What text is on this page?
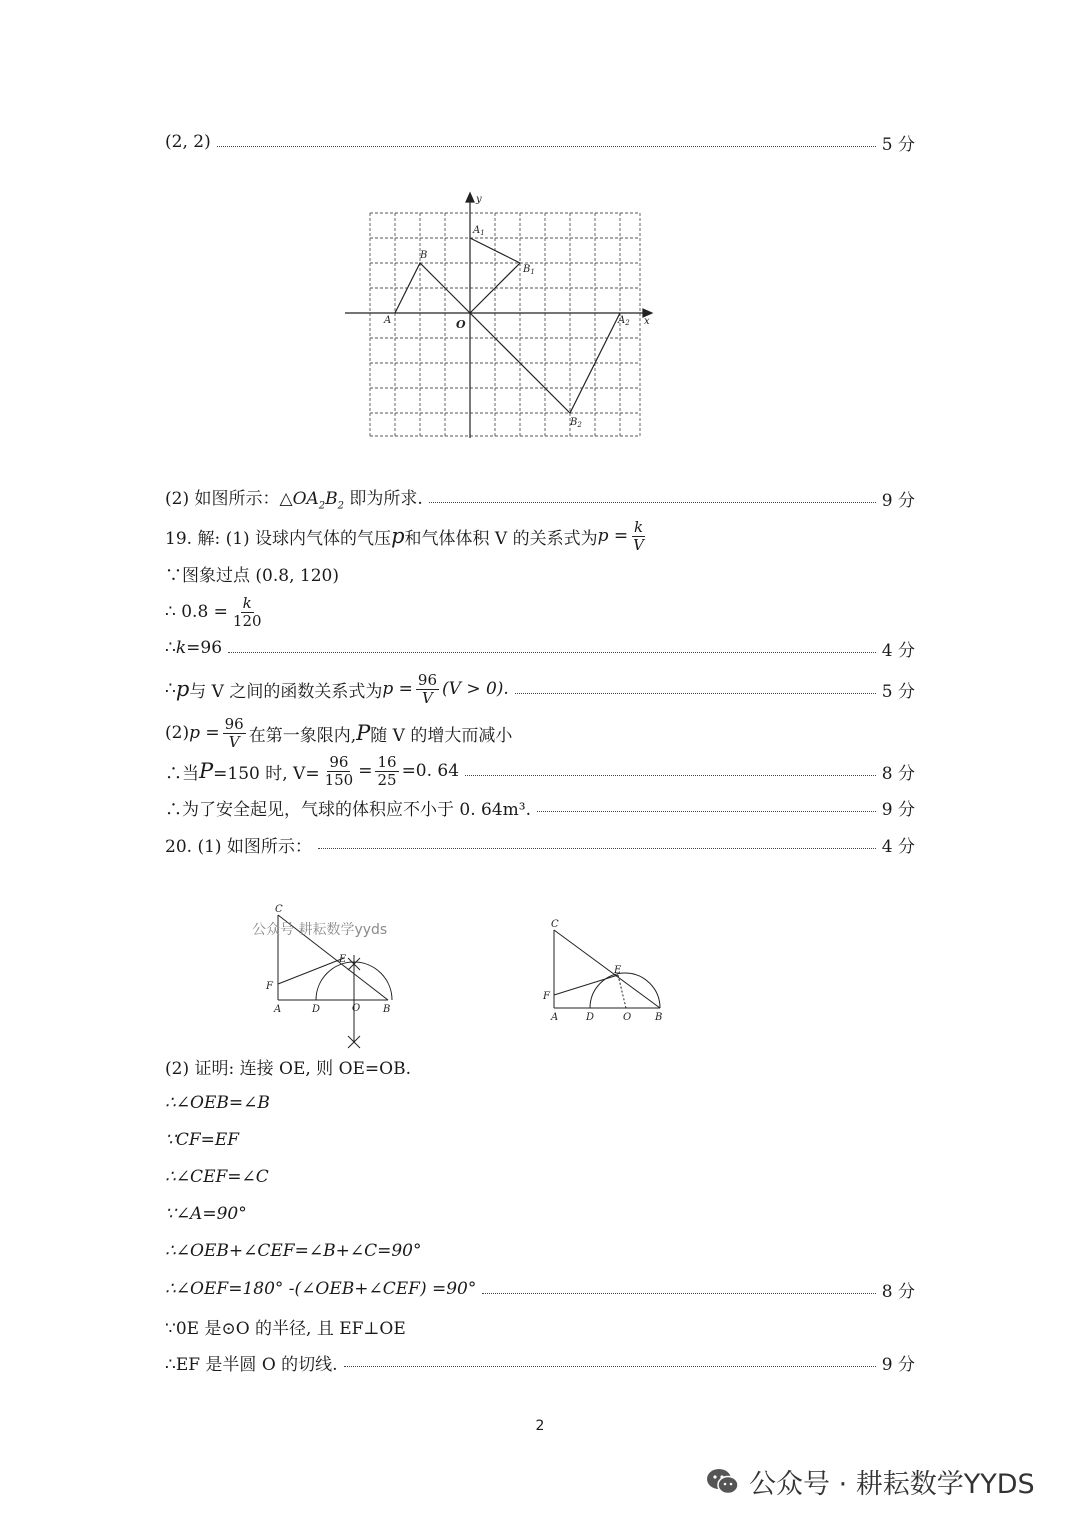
(2, 2)	5 分
y
x
O
A
B
$A_1$
$B_1$
$A_2$
$B_2$
(2) 如图所示：$\triangle OA_2B_2$ 即为所求.	9 分
19. 解: (1) 设球内气体的气压 p 和气体体积 V 的关系式为 $p = \frac{k}{V}$
∵图象过点 (0.8, 120)
∴ $0.8 = \frac{k}{120}$
∴k=96	4 分
∴ p 与 V 之间的函数关系式为 $p = \frac{96}{V} (V > 0)$.	5 分
(2) $p = \frac{96}{V}$ 在第一象限内, P 随 V 的增大而减小
∴当 P =150 时, $V= \frac{96}{150} = \frac{16}{25} =0$. 64	8 分
∴为了安全起见，气球的体积应不小于 0. 64m³.	9 分
20. (1) 如图所示：	4 分
C
E
F
A	D	O B
公众号 耕耘数学yyds	C
E
F
A	D	O B
(2) 证明: 连接 OE, 则 OE=OB.
∴∠OEB=∠B
∵CF=EF
∴∠CEF=∠C
∵∠A=90°
∴∠OEB+∠CEF=∠B+∠C=90°
∴∠OEF=180° -(∠OEB+∠CEF) =90°	8 分
∵0E 是⊙O 的半径, 且 EF⊥OE
∴EF 是半圆 O 的切线.	9 分
2
公众号 · 耕耘数学YYDS
